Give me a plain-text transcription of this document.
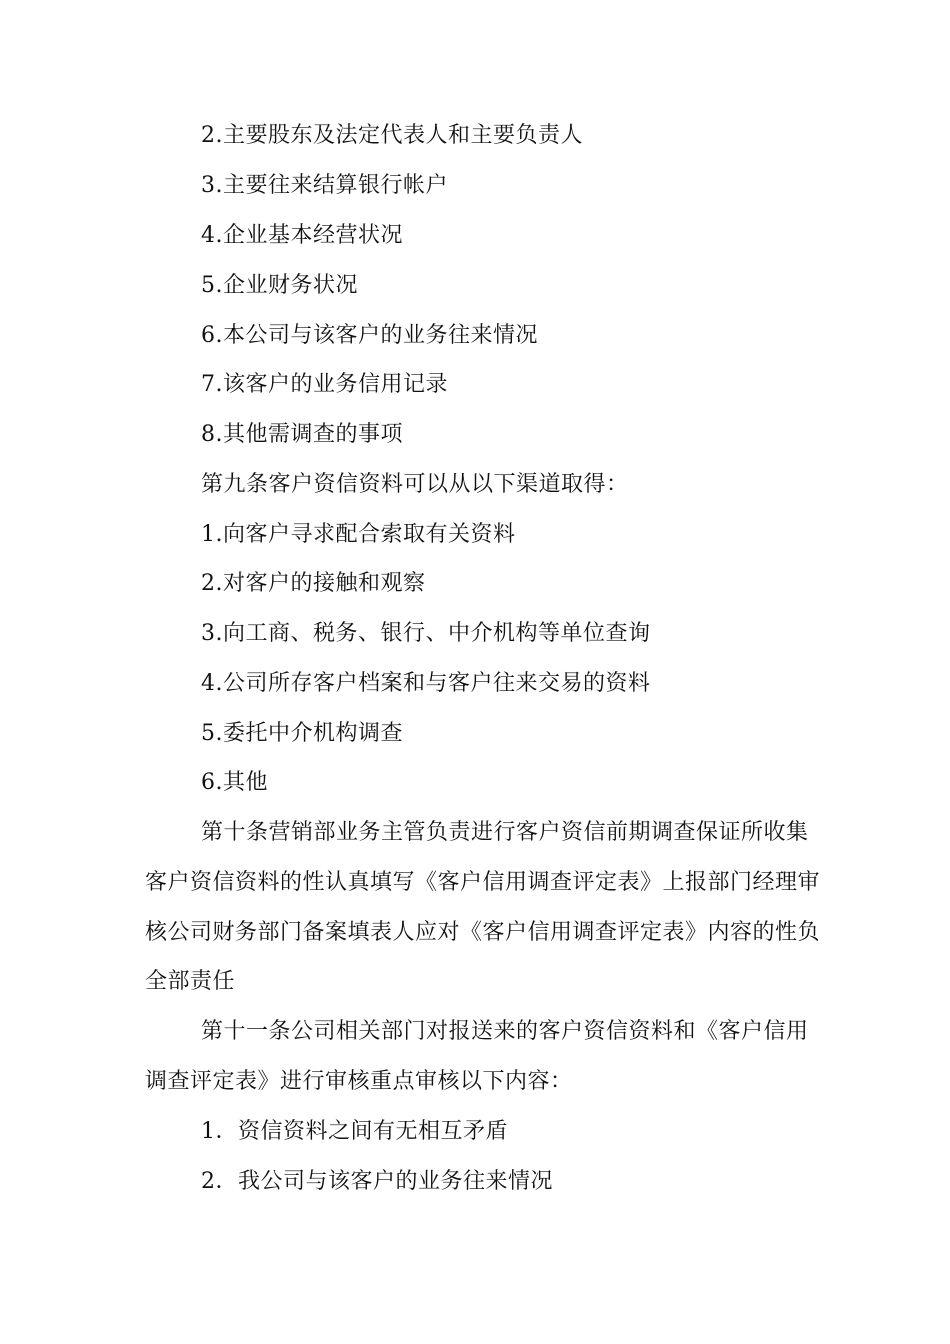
2.主要股东及法定代表人和主要负责人
3.主要往来结算银行帐户
4.企业基本经营状况
5.企业财务状况
6.本公司与该客户的业务往来情况
7.该客户的业务信用记录
8.其他需调查的事项
第九条客户资信资料可以从以下渠道取得：
1.向客户寻求配合索取有关资料
2.对客户的接触和观察
3.向工商、税务、银行、中介机构等单位查询
4.公司所存客户档案和与客户往来交易的资料
5.委托中介机构调查
6.其他
第十条营销部业务主管负责进行客户资信前期调查保证所收集
客户资信资料的性认真填写《客户信用调查评定表》上报部门经理审
核公司财务部门备案填表人应对《客户信用调查评定表》内容的性负
全部责任
第十一条公司相关部门对报送来的客户资信资料和《客户信用
调查评定表》进行审核重点审核以下内容：
1．资信资料之间有无相互矛盾
2．我公司与该客户的业务往来情况
